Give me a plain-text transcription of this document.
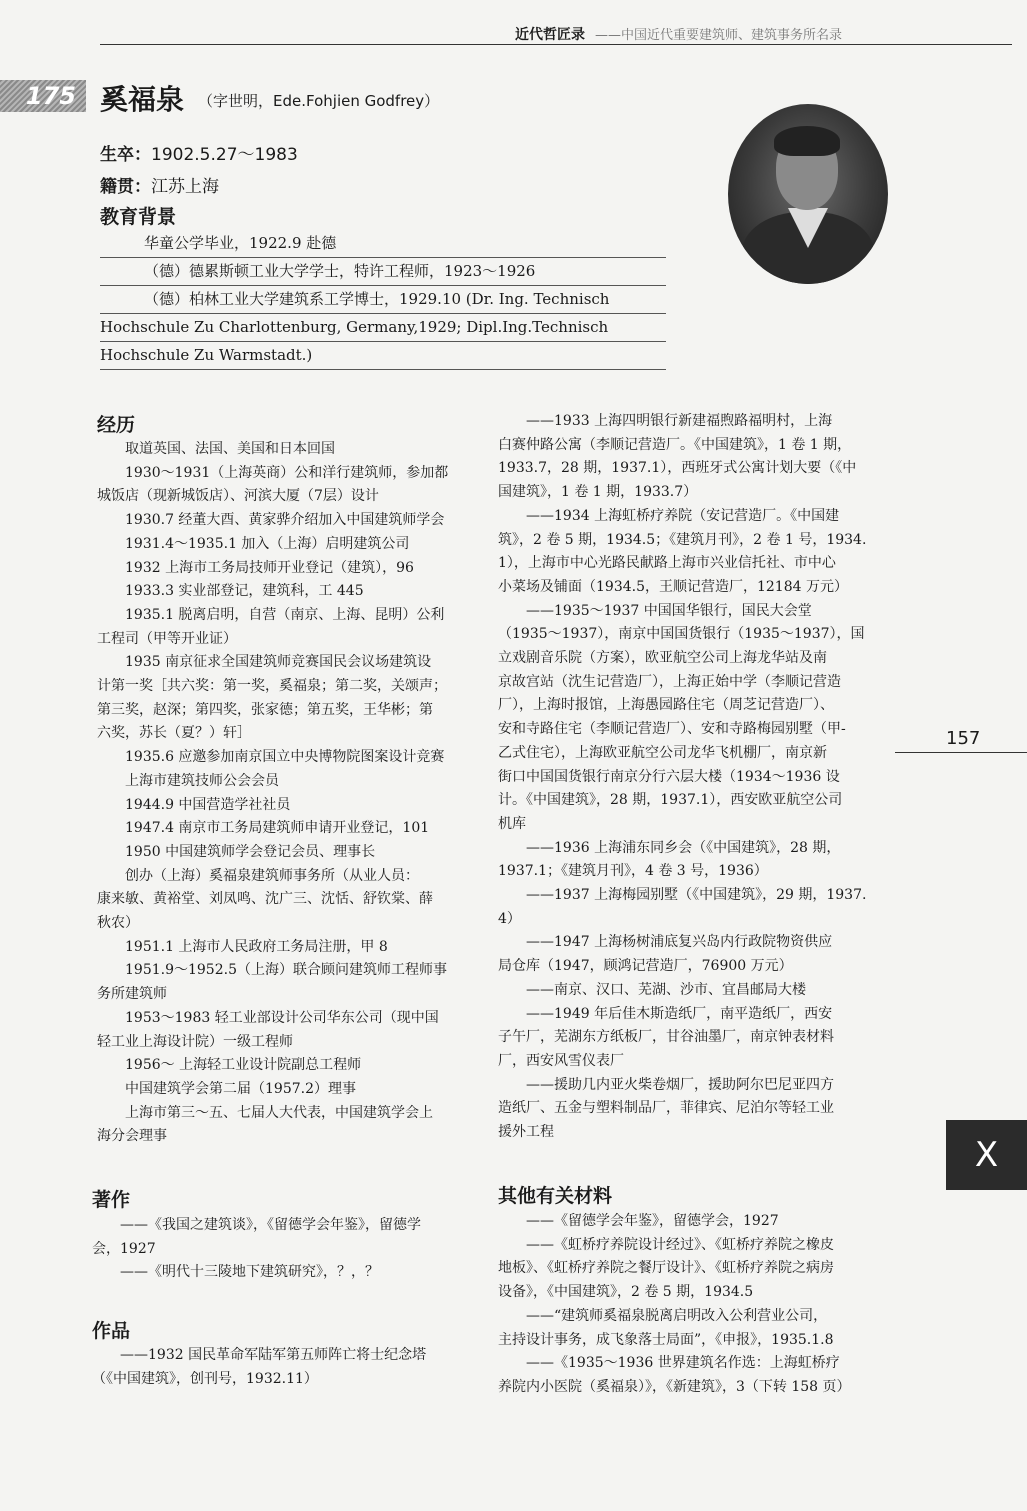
近代哲匠录 ——中国近代重要建筑师、建筑事务所名录
175 奚福泉 （字世明，Ede.Fohjien Godfrey）
生卒：1902.5.27～1983
籍贯：江苏上海
教育背景
华童公学毕业，1922.9 赴德
（德）德累斯顿工业大学学士，特许工程师，1923～1926
（德）柏林工业大学建筑系工学博士，1929.10 (Dr. Ing. Technisch
Hochschule Zu Charlottenburg, Germany,1929; Dipl.Ing.Technisch
Hochschule Zu Warmstadt.)
经历

取道英国、法国、美国和日本回国

1930～1931（上海英商）公和洋行建筑师，参加都

城饭店（现新城饭店）、河滨大厦（7层）设计

1930.7 经董大酉、黄家骅介绍加入中国建筑师学会

1931.4～1935.1 加入（上海）启明建筑公司

1932 上海市工务局技师开业登记（建筑），96

1933.3 实业部登记，建筑科，工 445

1935.1 脱离启明，自营（南京、上海、昆明）公利

工程司（甲等开业证）

1935 南京征求全国建筑师竞赛国民会议场建筑设

计第一奖［共六奖：第一奖，奚福泉；第二奖，关颂声；

第三奖，赵深；第四奖，张家德；第五奖，王华彬；第

六奖，苏长（夏？）轩］

1935.6 应邀参加南京国立中央博物院图案设计竞赛

上海市建筑技师公会会员

1944.9 中国营造学社社员

1947.4 南京市工务局建筑师申请开业登记，101

1950 中国建筑师学会登记会员、理事长

创办（上海）奚福泉建筑师事务所（从业人员：

康来敏、黄裕堂、刘凤鸣、沈广三、沈恬、舒钦棠、薛

秋农）

1951.1 上海市人民政府工务局注册，甲 8

1951.9～1952.5（上海）联合顾问建筑师工程师事

务所建筑师

1953～1983 轻工业部设计公司华东公司（现中国

轻工业上海设计院）一级工程师

1956～ 上海轻工业设计院副总工程师

中国建筑学会第二届（1957.2）理事

上海市第三～五、七届人大代表，中国建筑学会上

海分会理事

著作

——《我国之建筑谈》，《留德学会年鉴》，留德学

会，1927

——《明代十三陵地下建筑研究》，？，？

作品

——1932 国民革命军陆军第五师阵亡将士纪念塔

（《中国建筑》，创刊号，1932.11）

——1933 上海四明银行新建福煦路福明村，上海

白赛仲路公寓（李顺记营造厂。《中国建筑》，1 卷 1 期，

1933.7，28 期，1937.1），西班牙式公寓计划大要（《中

国建筑》，1 卷 1 期，1933.7）

——1934 上海虹桥疗养院（安记营造厂。《中国建

筑》，2 卷 5 期，1934.5；《建筑月刊》，2 卷 1 号，1934.

1），上海市中心光路民献路上海市兴业信托社、市中心

小菜场及铺面（1934.5，王顺记营造厂，12184 万元）

——1935～1937 中国国华银行，国民大会堂

（1935～1937），南京中国国货银行（1935～1937），国

立戏剧音乐院（方案），欧亚航空公司上海龙华站及南

京故宫站（沈生记营造厂），上海正始中学（李顺记营造

厂），上海时报馆，上海愚园路住宅（周芝记营造厂）、

安和寺路住宅（李顺记营造厂）、安和寺路梅园别墅（甲-

乙式住宅），上海欧亚航空公司龙华飞机棚厂，南京新

街口中国国货银行南京分行六层大楼（1934～1936 设

计。《中国建筑》，28 期，1937.1），西安欧亚航空公司

机库

——1936 上海浦东同乡会（《中国建筑》，28 期，

1937.1；《建筑月刊》，4 卷 3 号，1936）

——1937 上海梅园别墅（《中国建筑》，29 期，1937.

4）

——1947 上海杨树浦底复兴岛内行政院物资供应

局仓库（1947，顾鸿记营造厂，76900 万元）

——南京、汉口、芜湖、沙市、宜昌邮局大楼

——1949 年后佳木斯造纸厂，南平造纸厂，西安

子午厂，芜湖东方纸板厂，甘谷油墨厂，南京钟表材料

厂，西安风雪仪表厂

——援助几内亚火柴卷烟厂，援助阿尔巴尼亚四方

造纸厂、五金与塑料制品厂，菲律宾、尼泊尔等轻工业

援外工程

其他有关材料

——《留德学会年鉴》，留德学会，1927

——《虹桥疗养院设计经过》、《虹桥疗养院之橡皮

地板》、《虹桥疗养院之餐厅设计》、《虹桥疗养院之病房

设备》，《中国建筑》，2 卷 5 期，1934.5

——“建筑师奚福泉脱离启明改入公利营业公司，

主持设计事务，成飞象落士局面”，《申报》，1935.1.8

——《1935～1936 世界建筑名作选：上海虹桥疗

养院内小医院（奚福泉）》，《新建筑》，3（下转 158 页）

157
X
